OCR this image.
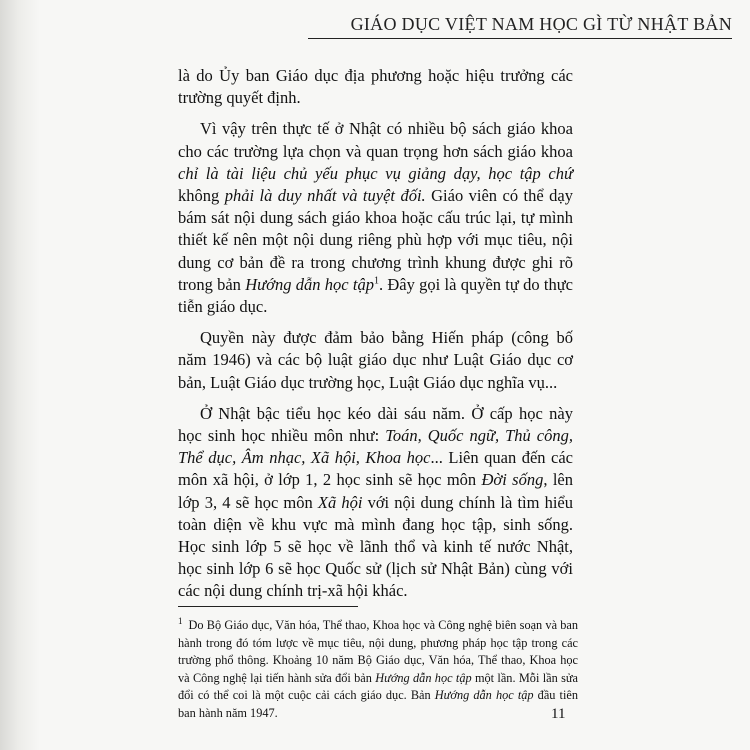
GIÁO DỤC VIỆT NAM HỌC GÌ TỪ NHẬT BẢN

là do Ủy ban Giáo dục địa phương hoặc hiệu trưởng các trường quyết định.

Vì vậy trên thực tế ở Nhật có nhiều bộ sách giáo khoa cho các trường lựa chọn và quan trọng hơn sách giáo khoa chỉ là tài liệu chủ yếu phục vụ giảng dạy, học tập chứ không phải là duy nhất và tuyệt đối. Giáo viên có thể dạy bám sát nội dung sách giáo khoa hoặc cấu trúc lại, tự mình thiết kế nên một nội dung riêng phù hợp với mục tiêu, nội dung cơ bản đề ra trong chương trình khung được ghi rõ trong bản Hướng dẫn học tập$^1$. Đây gọi là quyền tự do thực tiễn giáo dục.

Quyền này được đảm bảo bằng Hiến pháp (công bố năm 1946) và các bộ luật giáo dục như Luật Giáo dục cơ bản, Luật Giáo dục trường học, Luật Giáo dục nghĩa vụ...

Ở Nhật bậc tiểu học kéo dài sáu năm. Ở cấp học này học sinh học nhiều môn như: Toán, Quốc ngữ, Thủ công, Thể dục, Âm nhạc, Xã hội, Khoa học... Liên quan đến các môn xã hội, ở lớp 1, 2 học sinh sẽ học môn Đời sống, lên lớp 3, 4 sẽ học môn Xã hội với nội dung chính là tìm hiểu toàn diện về khu vực mà mình đang học tập, sinh sống. Học sinh lớp 5 sẽ học về lãnh thổ và kinh tế nước Nhật, học sinh lớp 6 sẽ học Quốc sử (lịch sử Nhật Bản) cùng với các nội dung chính trị-xã hội khác.

$^1$ Do Bộ Giáo dục, Văn hóa, Thể thao, Khoa học và Công nghệ biên soạn và ban hành trong đó tóm lược về mục tiêu, nội dung, phương pháp học tập trong các trường phổ thông. Khoảng 10 năm Bộ Giáo dục, Văn hóa, Thể thao, Khoa học và Công nghệ lại tiến hành sửa đổi bản Hướng dẫn học tập một lần. Mỗi lần sửa đổi có thể coi là một cuộc cải cách giáo dục. Bản Hướng dẫn học tập đầu tiên ban hành năm 1947.	11
